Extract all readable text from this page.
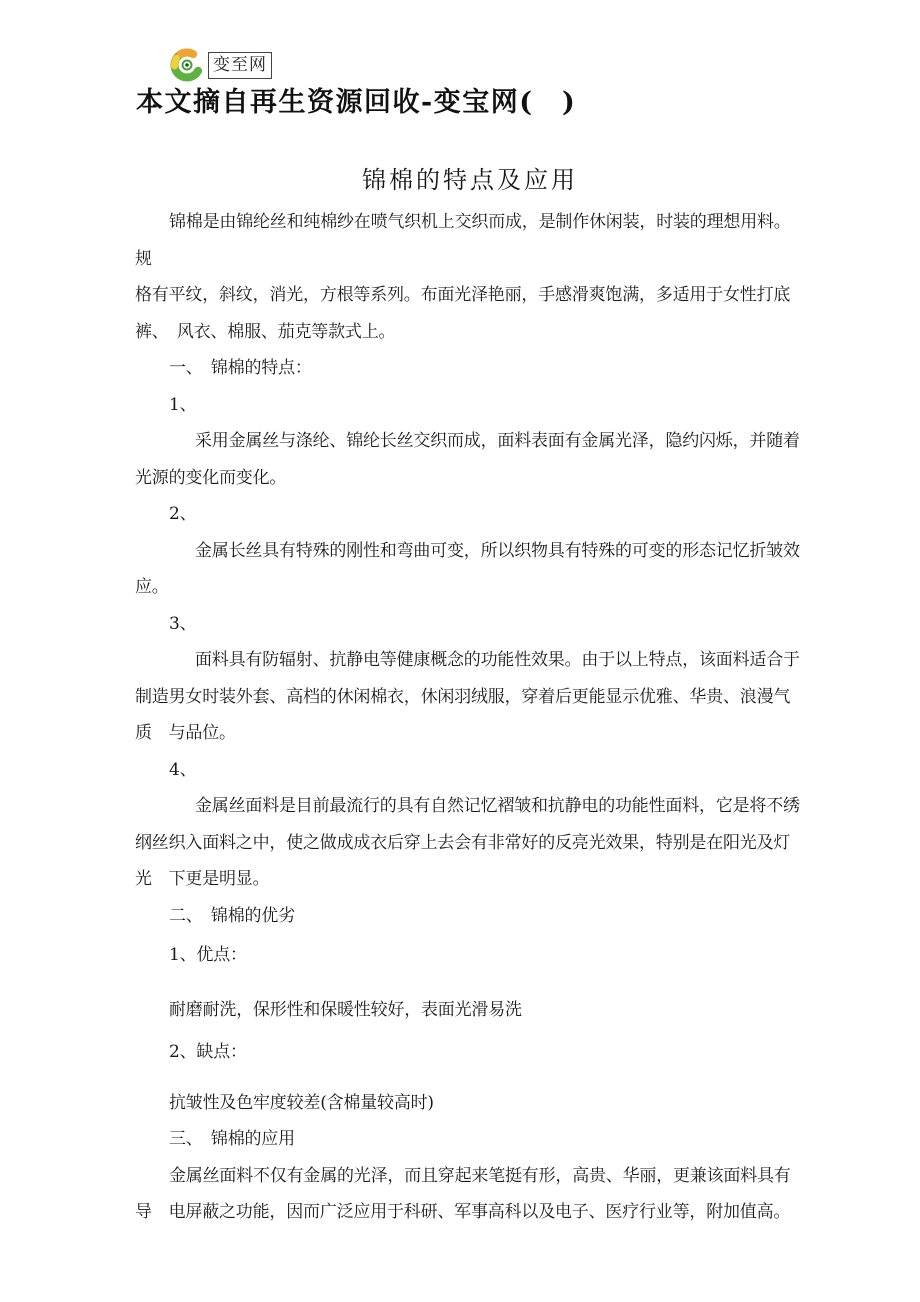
变至网
本文摘自再生资源回收-变宝网(　)
锦棉的特点及应用
锦棉是由锦纶丝和纯棉纱在喷气织机上交织而成，是制作休闲装，时装的理想用料。
规
格有平纹，斜纹，消光，方根等系列。布面光泽艳丽，手感滑爽饱满，多适用于女性打底
裤、　风衣、棉服、茄克等款式上。
一、　锦棉的特点：
1、
采用金属丝与涤纶、锦纶长丝交织而成，面料表面有金属光泽，隐约闪烁，并随着
光源的变化而变化。
2、
金属长丝具有特殊的刚性和弯曲可变，所以织物具有特殊的可变的形态记忆折皱效
应。
3、
面料具有防辐射、抗静电等健康概念的功能性效果。由于以上特点，该面料适合于
制造男女时装外套、高档的休闲棉衣，休闲羽绒服，穿着后更能显示优雅、华贵、浪漫气
质　与品位。
4、
金属丝面料是目前最流行的具有自然记忆褶皱和抗静电的功能性面料，它是将不绣
纲丝织入面料之中，使之做成成衣后穿上去会有非常好的反亮光效果，特别是在阳光及灯
光　下更是明显。
二、　锦棉的优劣
1、优点：
耐磨耐洗，保形性和保暖性较好，表面光滑易洗
2、缺点：
抗皱性及色牢度较差(含棉量较高时)
三、　锦棉的应用
金属丝面料不仅有金属的光泽，而且穿起来笔挺有形，高贵、华丽，更兼该面料具有
导　电屏蔽之功能，因而广泛应用于科研、军事高科以及电子、医疗行业等，附加值高。
